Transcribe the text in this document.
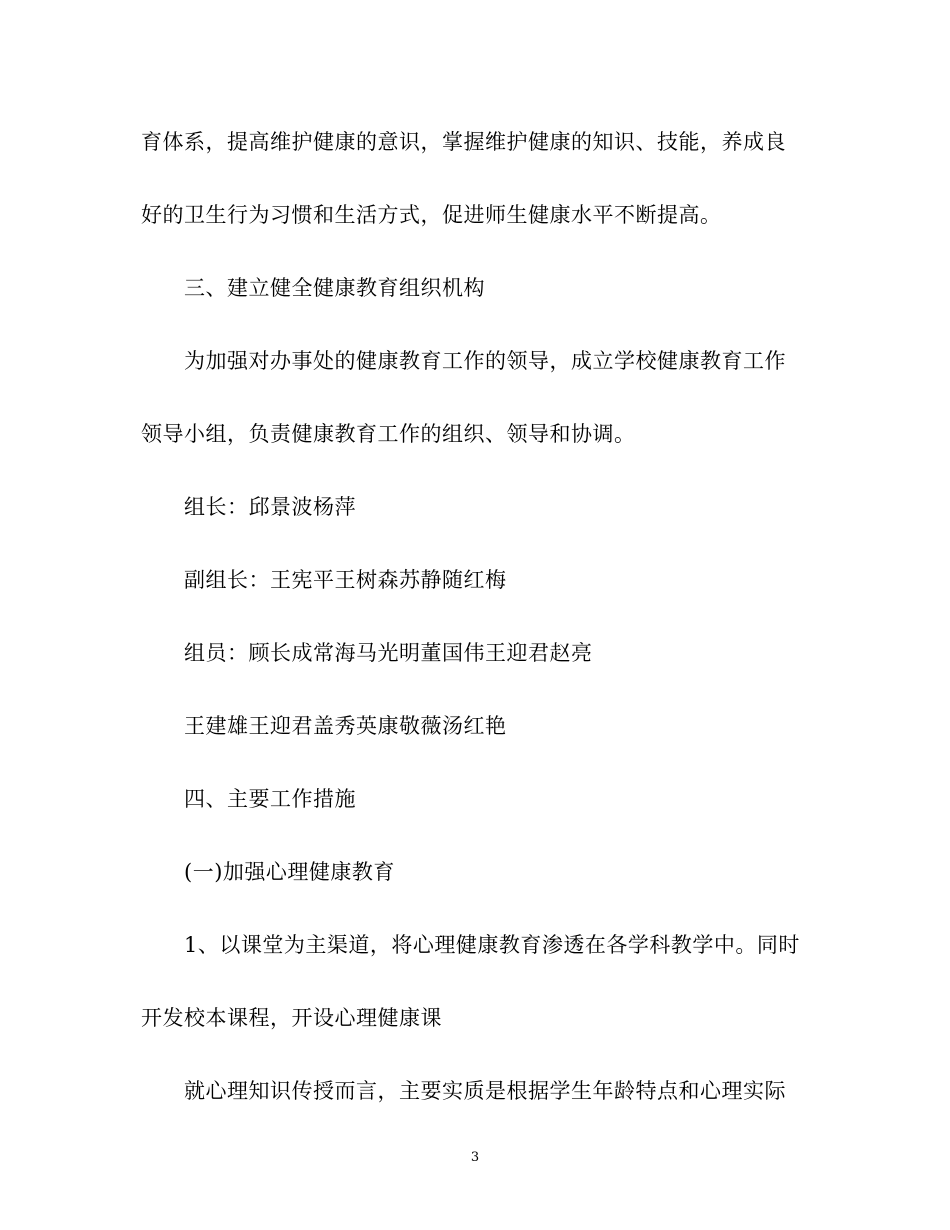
育体系，提高维护健康的意识，掌握维护健康的知识、技能，养成良
好的卫生行为习惯和生活方式，促进师生健康水平不断提高。
三、建立健全健康教育组织机构
为加强对办事处的健康教育工作的领导，成立学校健康教育工作
领导小组，负责健康教育工作的组织、领导和协调。
组长：邱景波杨萍
副组长：王宪平王树森苏静随红梅
组员：顾长成常海马光明董国伟王迎君赵亮
王建雄王迎君盖秀英康敬薇汤红艳
四、主要工作措施
(一)加强心理健康教育
1、以课堂为主渠道，将心理健康教育渗透在各学科教学中。同时
开发校本课程，开设心理健康课
就心理知识传授而言，主要实质是根据学生年龄特点和心理实际
3
